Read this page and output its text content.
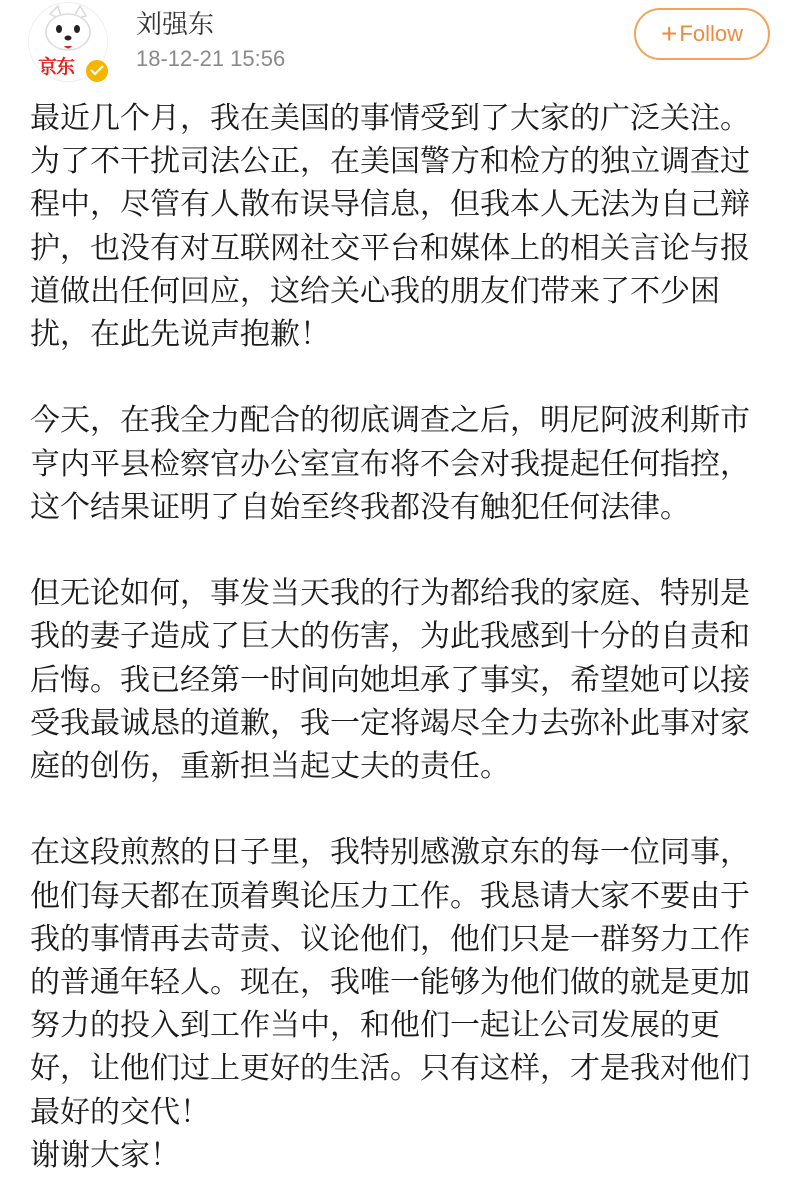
京东
刘强东
18-12-21 15:56
+ Follow
最近几个月，我在美国的事情受到了大家的广泛关注。
为了不干扰司法公正，在美国警方和检方的独立调查过
程中，尽管有人散布误导信息，但我本人无法为自己辩
护，也没有对互联网社交平台和媒体上的相关言论与报
道做出任何回应，这给关心我的朋友们带来了不少困
扰，在此先说声抱歉！
今天，在我全力配合的彻底调查之后，明尼阿波利斯市
亨内平县检察官办公室宣布将不会对我提起任何指控，
这个结果证明了自始至终我都没有触犯任何法律。
但无论如何，事发当天我的行为都给我的家庭、特别是
我的妻子造成了巨大的伤害，为此我感到十分的自责和
后悔。我已经第一时间向她坦承了事实，希望她可以接
受我最诚恳的道歉，我一定将竭尽全力去弥补此事对家
庭的创伤，重新担当起丈夫的责任。
在这段煎熬的日子里，我特别感激京东的每一位同事，
他们每天都在顶着舆论压力工作。我恳请大家不要由于
我的事情再去苛责、议论他们，他们只是一群努力工作
的普通年轻人。现在，我唯一能够为他们做的就是更加
努力的投入到工作当中，和他们一起让公司发展的更
好，让他们过上更好的生活。只有这样，才是我对他们
最好的交代！
谢谢大家！
